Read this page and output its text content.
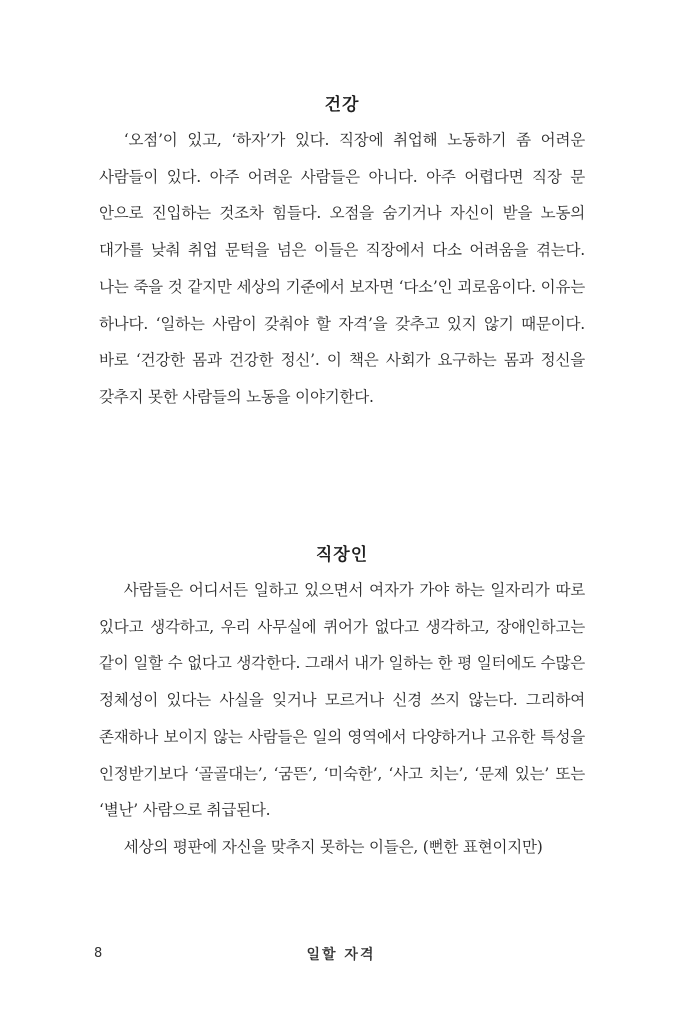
건강

‘오점’이 있고, ‘하자’가 있다. 직장에 취업해 노동하기 좀 어려운 사람들이 있다. 아주 어려운 사람들은 아니다. 아주 어렵다면 직장 문 안으로 진입하는 것조차 힘들다. 오점을 숨기거나 자신이 받을 노동의 대가를 낮춰 취업 문턱을 넘은 이들은 직장에서 다소 어려움을 겪는다. 나는 죽을 것 같지만 세상의 기준에서 보자면 ‘다소’인 괴로움이다. 이유는 하나다. ‘일하는 사람이 갖춰야 할 자격’을 갖추고 있지 않기 때문이다. 바로 ‘건강한 몸과 건강한 정신’. 이 책은 사회가 요구하는 몸과 정신을 갖추지 못한 사람들의 노동을 이야기한다.

직장인

사람들은 어디서든 일하고 있으면서 여자가 가야 하는 일자리가 따로 있다고 생각하고, 우리 사무실에 퀴어가 없다고 생각하고, 장애인하고는 같이 일할 수 없다고 생각한다. 그래서 내가 일하는 한 평 일터에도 수많은 정체성이 있다는 사실을 잊거나 모르거나 신경 쓰지 않는다. 그리하여 존재하나 보이지 않는 사람들은 일의 영역에서 다양하거나 고유한 특성을 인정받기보다 ‘골골대는’, ‘굼뜬’, ‘미숙한’, ‘사고 치는’, ‘문제 있는’ 또는 ‘별난’ 사람으로 취급된다.

세상의 평판에 자신을 맞추지 못하는 이들은, (뻔한 표현이지만)

8	일할 자격
